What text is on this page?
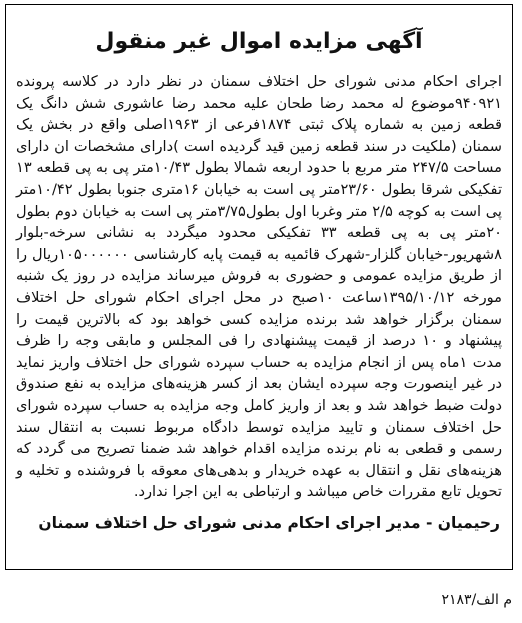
آگهی مزایده اموال غیر منقول
اجرای احکام مدنی شورای حل اختلاف سمنان در نظر دارد در کلاسه پرونده ۹۴۰۹۲۱موضوع له محمد رضا طحان علیه محمد رضا عاشوری شش دانگ یک قطعه زمین به شماره پلاک ثبتی ۱۸۷۴فرعی از ۱۹۶۳اصلی واقع در بخش یک سمنان (ملکیت در سند قطعه زمین قید گردیده است )دارای مشخصات ان دارای مساحت ۲۴۷/۵ متر مربع با حدود اربعه شمالا بطول ۱۰/۴۳متر پی به پی قطعه ۱۳ تفکیکی شرقا بطول ۲۳/۶۰متر پی است به خیابان ۱۶متری جنوبا بطول ۱۰/۴۲متر پی است به کوچه ۲/۵ متر وغربا اول بطول۳/۷۵متر پی است به خیابان دوم بطول ۲۰متر پی به پی قطعه ۳۳ تفکیکی محدود میگردد به نشانی سرخه-بلوار ۸شهریور-خیابان گلزار-شهرک قائمیه به قیمت پایه کارشناسی ۱۰۵۰۰۰۰۰۰ریال را از طریق مزایده عمومی و حضوری به فروش میرساند مزایده در روز یک شنبه مورخه ۱۳۹۵/۱۰/۱۲ساعت ۱۰صبح در محل اجرای احکام شورای حل اختلاف سمنان برگزار خواهد شد برنده مزایده کسی خواهد بود که بالاترین قیمت را پیشنهاد و ۱۰ درصد از قیمت پیشنهادی را فی المجلس و مابقی وجه را ظرف مدت ۱ماه پس از انجام مزایده به حساب سپرده شورای حل اختلاف واریز نماید در غیر اینصورت وجه سپرده ایشان بعد از کسر هزینه‌های مزایده به نفع صندوق دولت ضبط خواهد شد و بعد از واریز کامل وجه مزایده به حساب سپرده شورای حل اختلاف سمنان و تایید مزایده توسط دادگاه مربوط نسبت به انتقال سند رسمی و قطعی به نام برنده مزایده اقدام خواهد شد ضمنا تصریح می گردد که هزینه‌های نقل و انتقال به عهده خریدار و بدهی‌های معوقه با فروشنده و تخلیه و تحویل تابع مقررات خاص میباشد و ارتباطی به این اجرا ندارد.
رحیمیان - مدیر اجرای احکام مدنی شورای حل اختلاف سمنان
م الف/۲۱۸۳
